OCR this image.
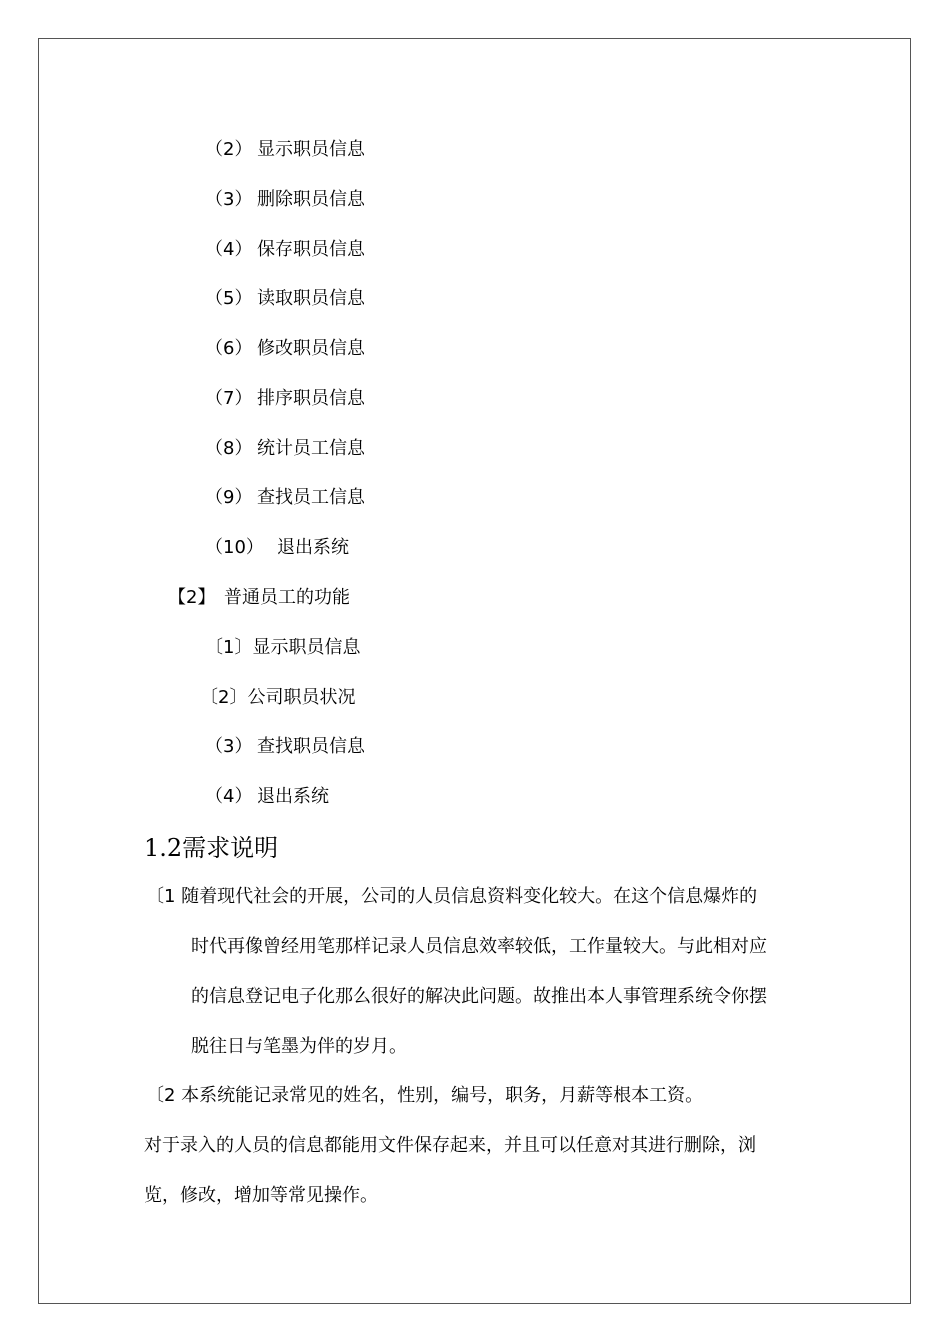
（2） 显示职员信息
（3） 删除职员信息
（4） 保存职员信息
（5） 读取职员信息
（6） 修改职员信息
（7） 排序职员信息
（8） 统计员工信息
（9） 查找员工信息
（10） 退出系统
【2】 普通员工的功能
〔1〕显示职员信息
〔2〕公司职员状况
（3） 查找职员信息
（4） 退出系统
1.2需求说明
〔1 随着现代社会的开展，公司的人员信息资料变化较大。在这个信息爆炸的
时代再像曾经用笔那样记录人员信息效率较低，工作量较大。与此相对应
的信息登记电子化那么很好的解决此问题。故推出本人事管理系统令你摆
脱往日与笔墨为伴的岁月。
〔2 本系统能记录常见的姓名，性别，编号，职务，月薪等根本工资。
对于录入的人员的信息都能用文件保存起来，并且可以任意对其进行删除，浏
览，修改，增加等常见操作。
